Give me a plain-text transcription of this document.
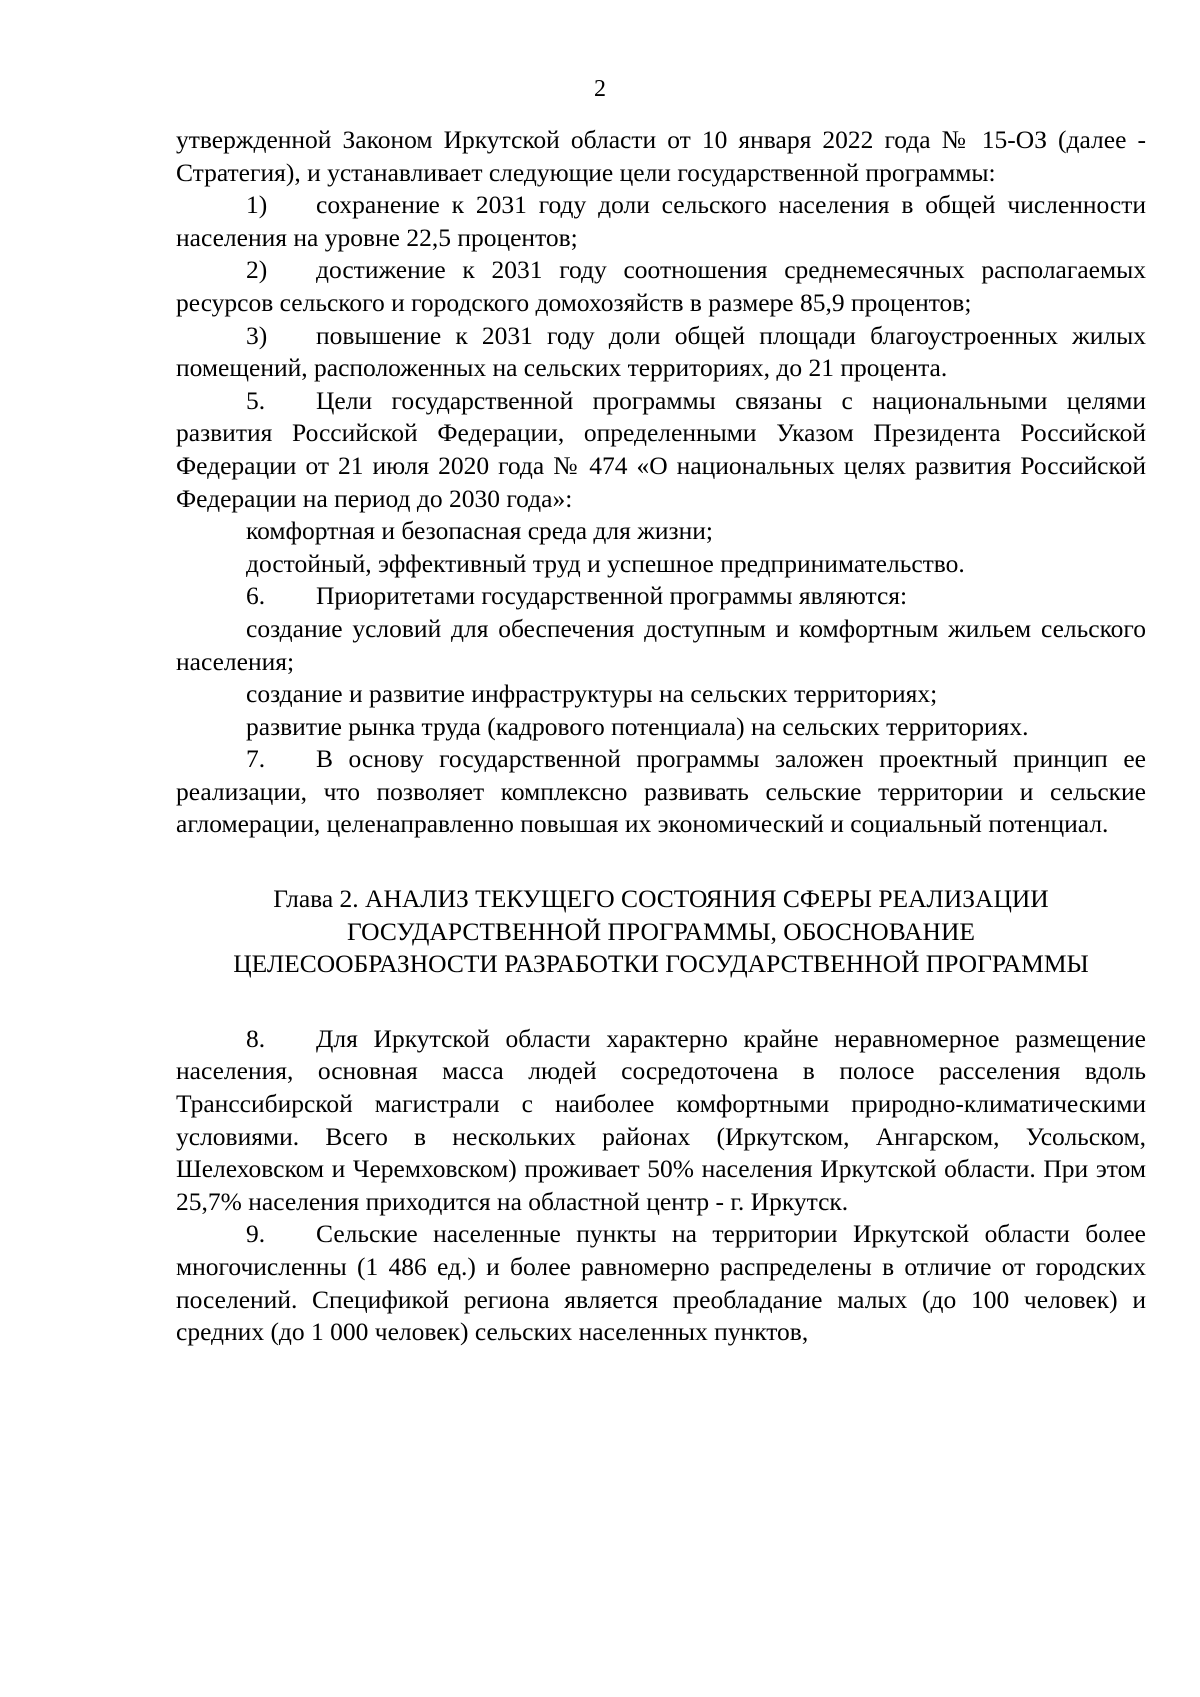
2

утвержденной Законом Иркутской области от 10 января 2022 года № 15-ОЗ (далее - Стратегия), и устанавливает следующие цели государственной программы:

1) сохранение к 2031 году доли сельского населения в общей численности населения на уровне 22,5 процентов;

2) достижение к 2031 году соотношения среднемесячных располагаемых ресурсов сельского и городского домохозяйств в размере 85,9 процентов;

3) повышение к 2031 году доли общей площади благоустроенных жилых помещений, расположенных на сельских территориях, до 21 процента.

5. Цели государственной программы связаны с национальными целями развития Российской Федерации, определенными Указом Президента Российской Федерации от 21 июля 2020 года № 474 «О национальных целях развития Российской Федерации на период до 2030 года»:

комфортная и безопасная среда для жизни;

достойный, эффективный труд и успешное предпринимательство.

6. Приоритетами государственной программы являются:

создание условий для обеспечения доступным и комфортным жильем сельского населения;

создание и развитие инфраструктуры на сельских территориях;

развитие рынка труда (кадрового потенциала) на сельских территориях.

7. В основу государственной программы заложен проектный принцип ее реализации, что позволяет комплексно развивать сельские территории и сельские агломерации, целенаправленно повышая их экономический и социальный потенциал.

Глава 2. АНАЛИЗ ТЕКУЩЕГО СОСТОЯНИЯ СФЕРЫ РЕАЛИЗАЦИИ ГОСУДАРСТВЕННОЙ ПРОГРАММЫ, ОБОСНОВАНИЕ ЦЕЛЕСООБРАЗНОСТИ РАЗРАБОТКИ ГОСУДАРСТВЕННОЙ ПРОГРАММЫ

8. Для Иркутской области характерно крайне неравномерное размещение населения, основная масса людей сосредоточена в полосе расселения вдоль Транссибирской магистрали с наиболее комфортными природно-климатическими условиями. Всего в нескольких районах (Иркутском, Ангарском, Усольском, Шелеховском и Черемховском) проживает 50% населения Иркутской области. При этом 25,7% населения приходится на областной центр - г. Иркутск.

9. Сельские населенные пункты на территории Иркутской области более многочисленны (1 486 ед.) и более равномерно распределены в отличие от городских поселений. Спецификой региона является преобладание малых (до 100 человек) и средних (до 1 000 человек) сельских населенных пунктов,
